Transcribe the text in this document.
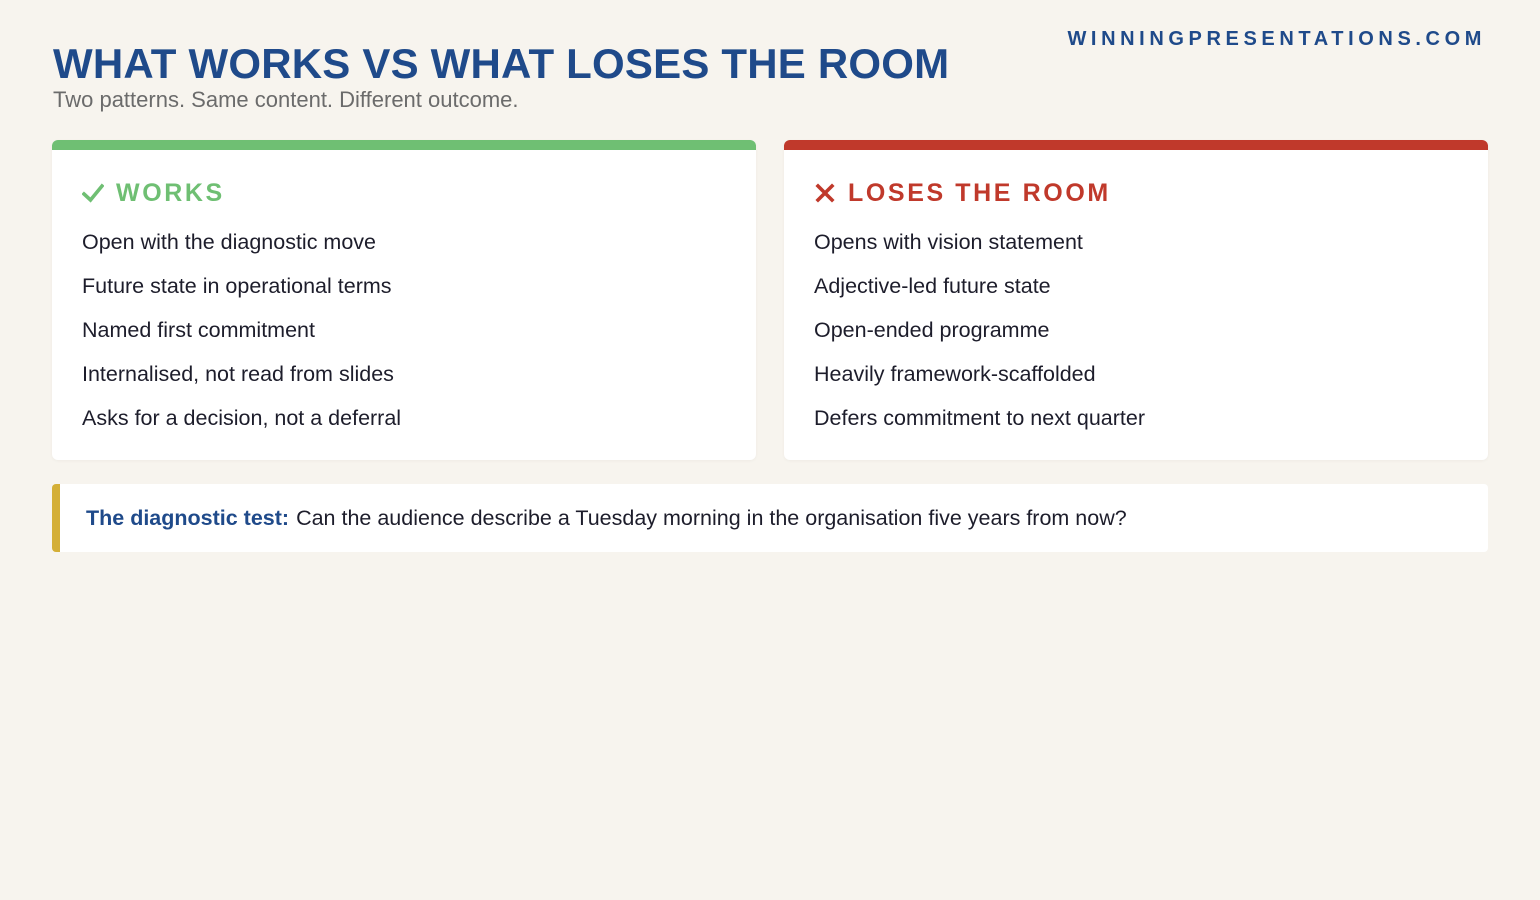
WINNINGPRESENTATIONS.COM
WHAT WORKS VS WHAT LOSES THE ROOM

Two patterns. Same content. Different outcome.

WORKS
Open with the diagnostic move
Future state in operational terms
Named first commitment
Internalised, not read from slides
Asks for a decision, not a deferral
LOSES THE ROOM
Opens with vision statement
Adjective-led future state
Open-ended programme
Heavily framework-scaffolded
Defers commitment to next quarter
The diagnostic test: Can the audience describe a Tuesday morning in the organisation five years from now?
